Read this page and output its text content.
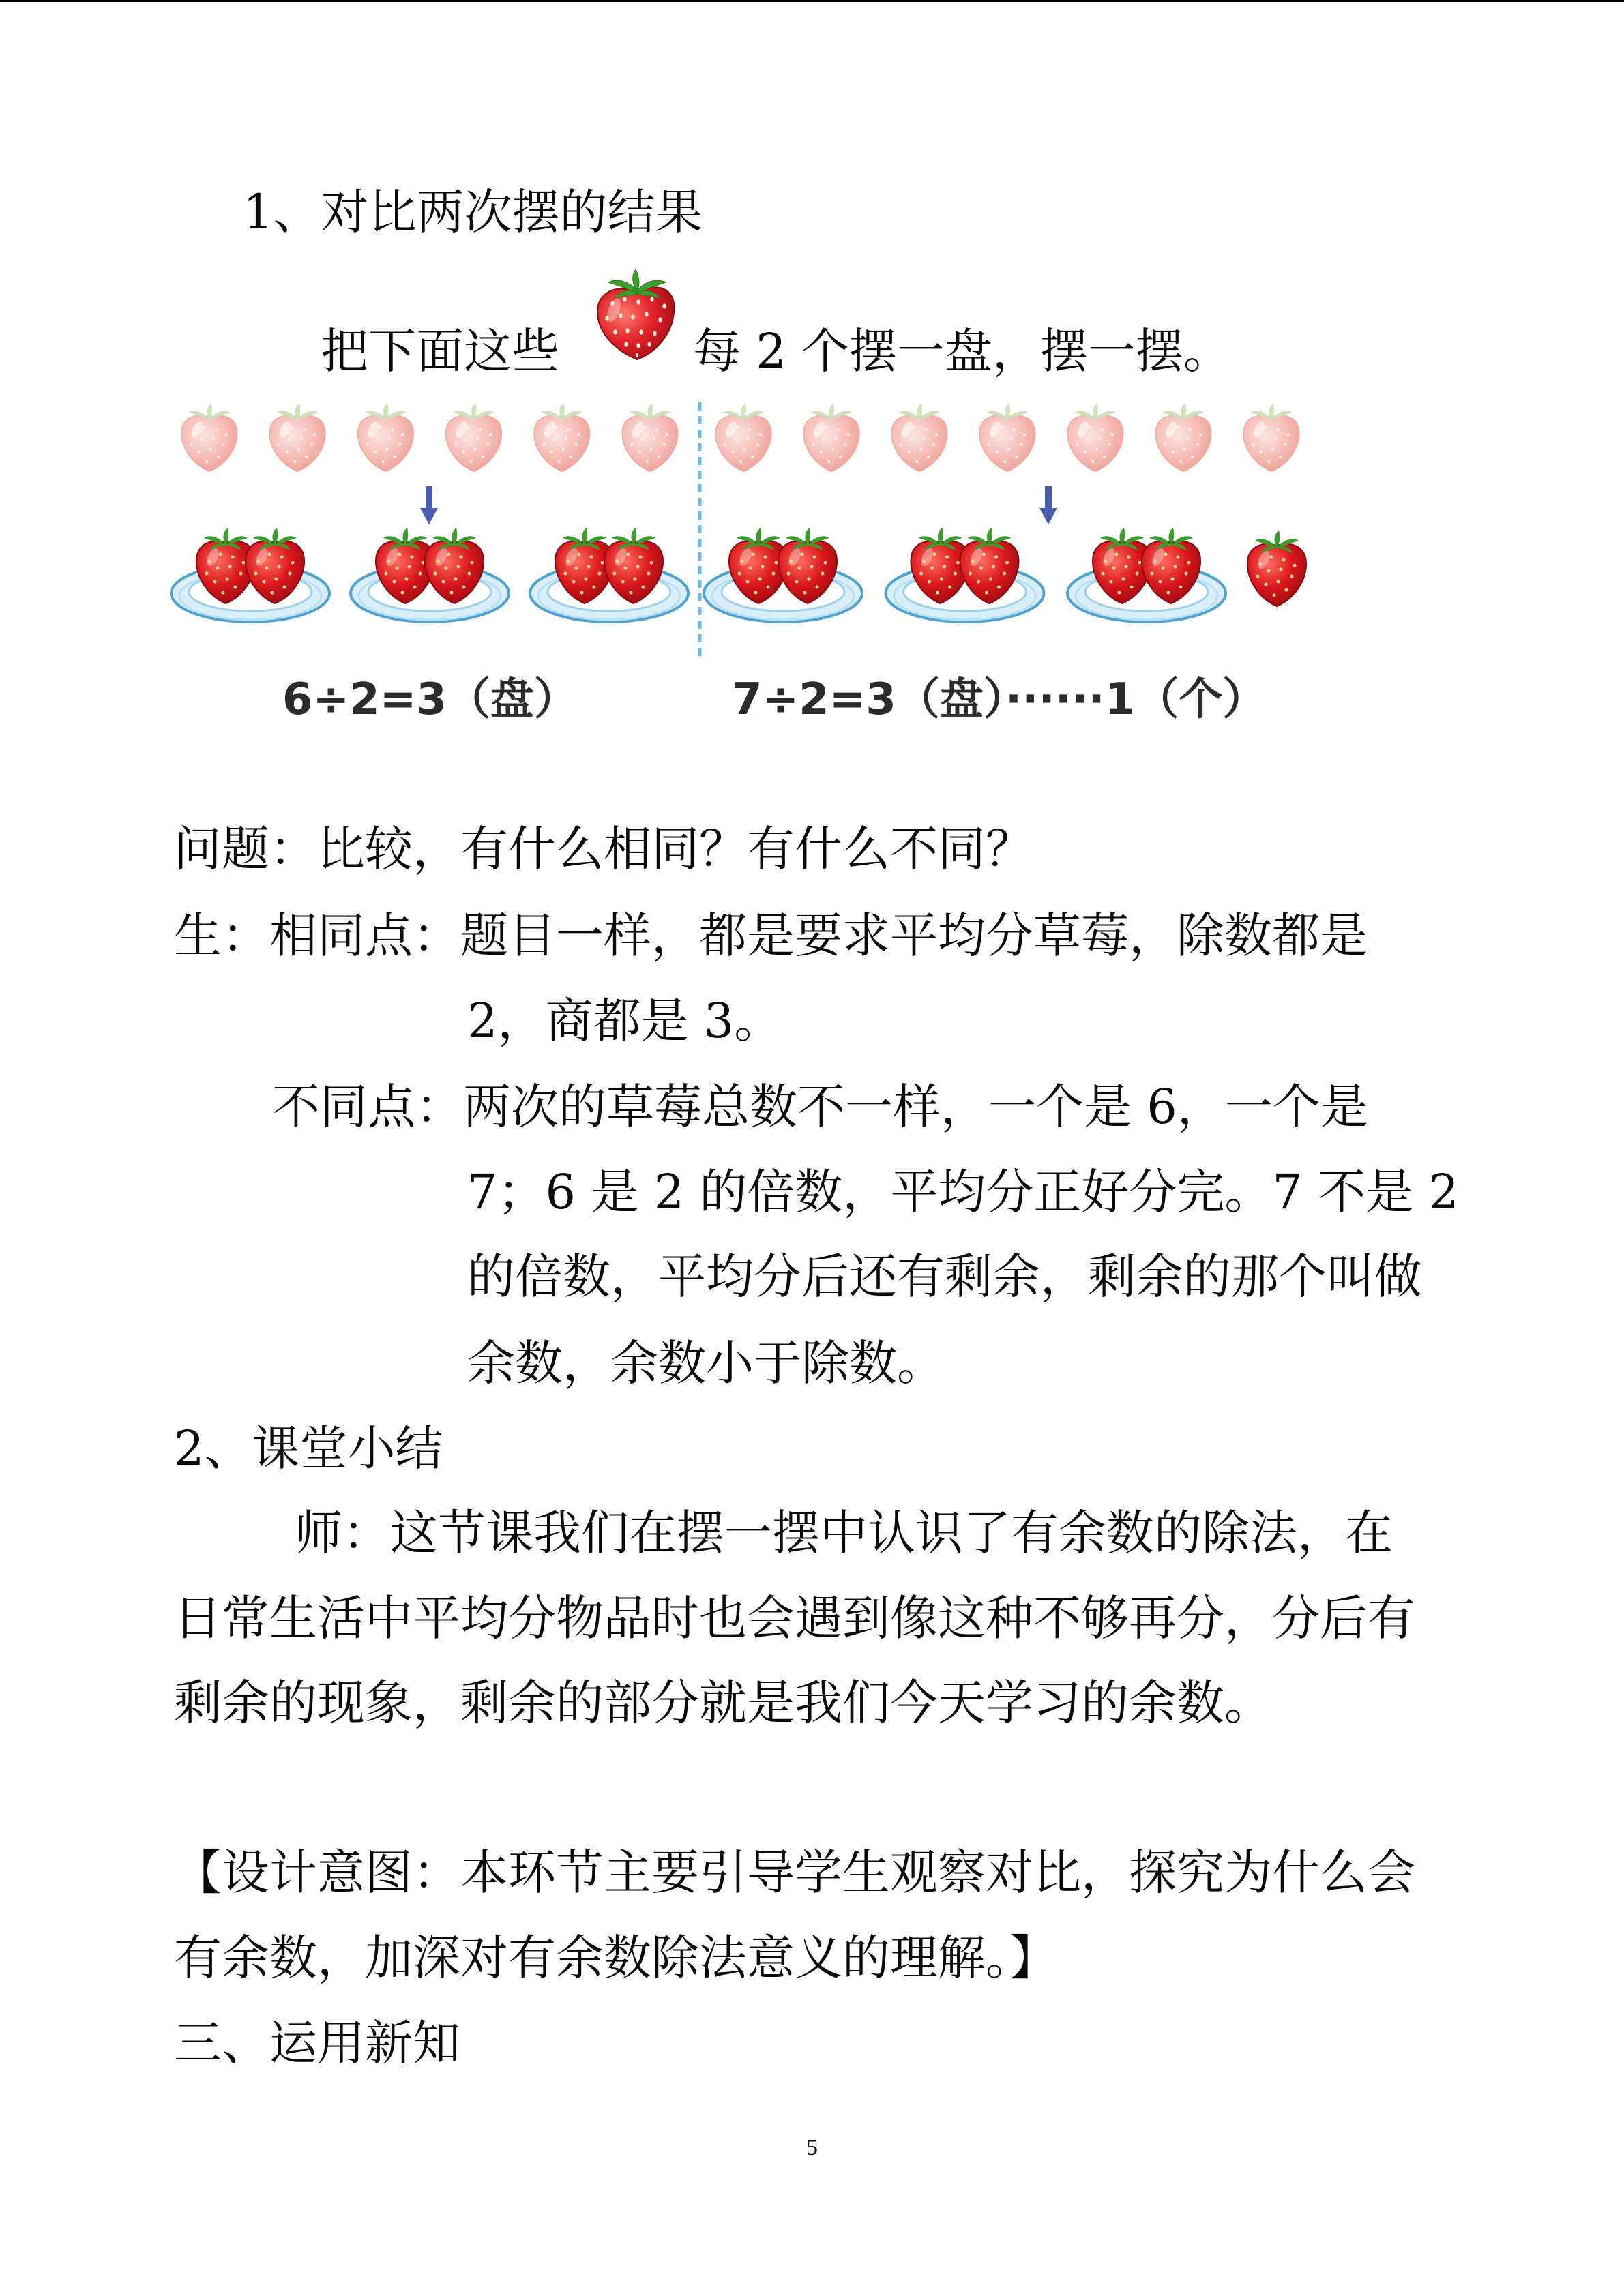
1、对比两次摆的结果
把下面这些	每 2 个摆一盘，摆一摆。
6÷2=3（盘）	7÷2=3（盘）······1（个）
问题：比较，有什么相同？有什么不同？
生：相同点：题目一样，都是要求平均分草莓，除数都是
2，商都是 3。
不同点：两次的草莓总数不一样，一个是 6，一个是
7；6 是 2 的倍数，平均分正好分完。7 不是 2
的倍数，平均分后还有剩余，剩余的那个叫做
余数，余数小于除数。
2、课堂小结
师：这节课我们在摆一摆中认识了有余数的除法，在
日常生活中平均分物品时也会遇到像这种不够再分，分后有
剩余的现象，剩余的部分就是我们今天学习的余数。
【设计意图：本环节主要引导学生观察对比，探究为什么会
有余数，加深对有余数除法意义的理解。】
三、运用新知
5
